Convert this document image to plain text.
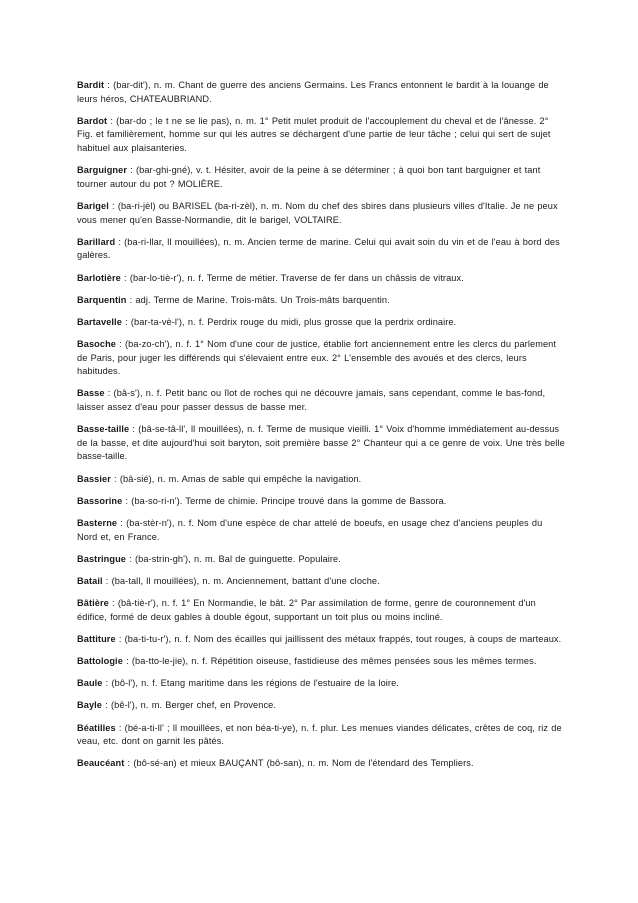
Bardit : (bar-dit'), n. m. Chant de guerre des anciens Germains. Les Francs entonnent le bardit à la louange de leurs héros, CHATEAUBRIAND.

Bardot : (bar-do ; le t ne se lie pas), n. m. 1° Petit mulet produit de l'accouplement du cheval et de l'ânesse. 2° Fig. et familièrement, homme sur qui les autres se déchargent d'une partie de leur tâche ; celui qui sert de sujet habituel aux plaisanteries.

Barguigner : (bar-ghi-gné), v. t. Hésiter, avoir de la peine à se déterminer ; à quoi bon tant barguigner et tant tourner autour du pot ? MOLIÈRE.

Barigel : (ba-ri-jèl) ou BARISEL (ba-ri-zèl), n. m. Nom du chef des sbires dans plusieurs villes d'Italie. Je ne peux vous mener qu'en Basse-Normandie, dit le barigel, VOLTAIRE.

Barillard : (ba-ri-llar, ll mouillées), n. m. Ancien terme de marine. Celui qui avait soin du vin et de l'eau à bord des galères.

Barlotière : (bar-lo-tiè-r'), n. f. Terme de métier. Traverse de fer dans un châssis de vitraux.

Barquentin : adj. Terme de Marine. Trois-mâts. Un Trois-mâts barquentin.

Bartavelle : (bar-ta-vè-l'), n. f. Perdrix rouge du midi, plus grosse que la perdrix ordinaire.

Basoche : (ba-zo-ch'), n. f. 1° Nom d'une cour de justice, établie fort anciennement entre les clercs du parlement de Paris, pour juger les différends qui s'élevaient entre eux. 2° L'ensemble des avoués et des clercs, leurs habitudes.

Basse : (bâ-s'), n. f. Petit banc ou îlot de roches qui ne découvre jamais, sans cependant, comme le bas-fond, laisser assez d'eau pour passer dessus de basse mer.

Basse-taille : (bâ-se-tâ-ll', ll mouillées), n. f. Terme de musique vieilli. 1° Voix d'homme immédiatement au-dessus de la basse, et dite aujourd'hui soit baryton, soit première basse 2° Chanteur qui a ce genre de voix. Une très belle basse-taille.

Bassier : (bâ-sié), n. m. Amas de sable qui empêche la navigation.

Bassorine : (ba-so-ri-n'). Terme de chimie. Principe trouvé dans la gomme de Bassora.

Basterne : (ba-stèr-n'), n. f. Nom d'une espèce de char attelé de boeufs, en usage chez d'anciens peuples du Nord et, en France.

Bastringue : (ba-strin-gh'), n. m. Bal de guinguette. Populaire.

Batail : (ba-tall, ll mouillées), n. m. Anciennement, battant d'une cloche.

Bâtière : (bâ-tiè-r'), n. f. 1° En Normandie, le bât. 2° Par assimilation de forme, genre de couronnement d'un édifice, formé de deux gables à double égout, supportant un toit plus ou moins incliné.

Battiture : (ba-ti-tu-r'), n. f. Nom des écailles qui jaillissent des métaux frappés, tout rouges, à coups de marteaux.

Battologie : (ba-tto-le-jie), n. f. Répétition oiseuse, fastidieuse des mêmes pensées sous les mêmes termes.

Baule : (bô-l'), n. f. Etang maritime dans les régions de l'estuaire de la loire.

Bayle : (bê-l'), n. m. Berger chef, en Provence.

Béatilles : (bé-a-ti-ll' ; ll mouillées, et non béa-ti-ye), n. f. plur. Les menues viandes délicates, crêtes de coq, riz de veau, etc. dont on garnit les pâtés.

Beaucéant : (bô-sé-an) et mieux BAUÇANT (bô-san), n. m. Nom de l'étendard des Templiers.
